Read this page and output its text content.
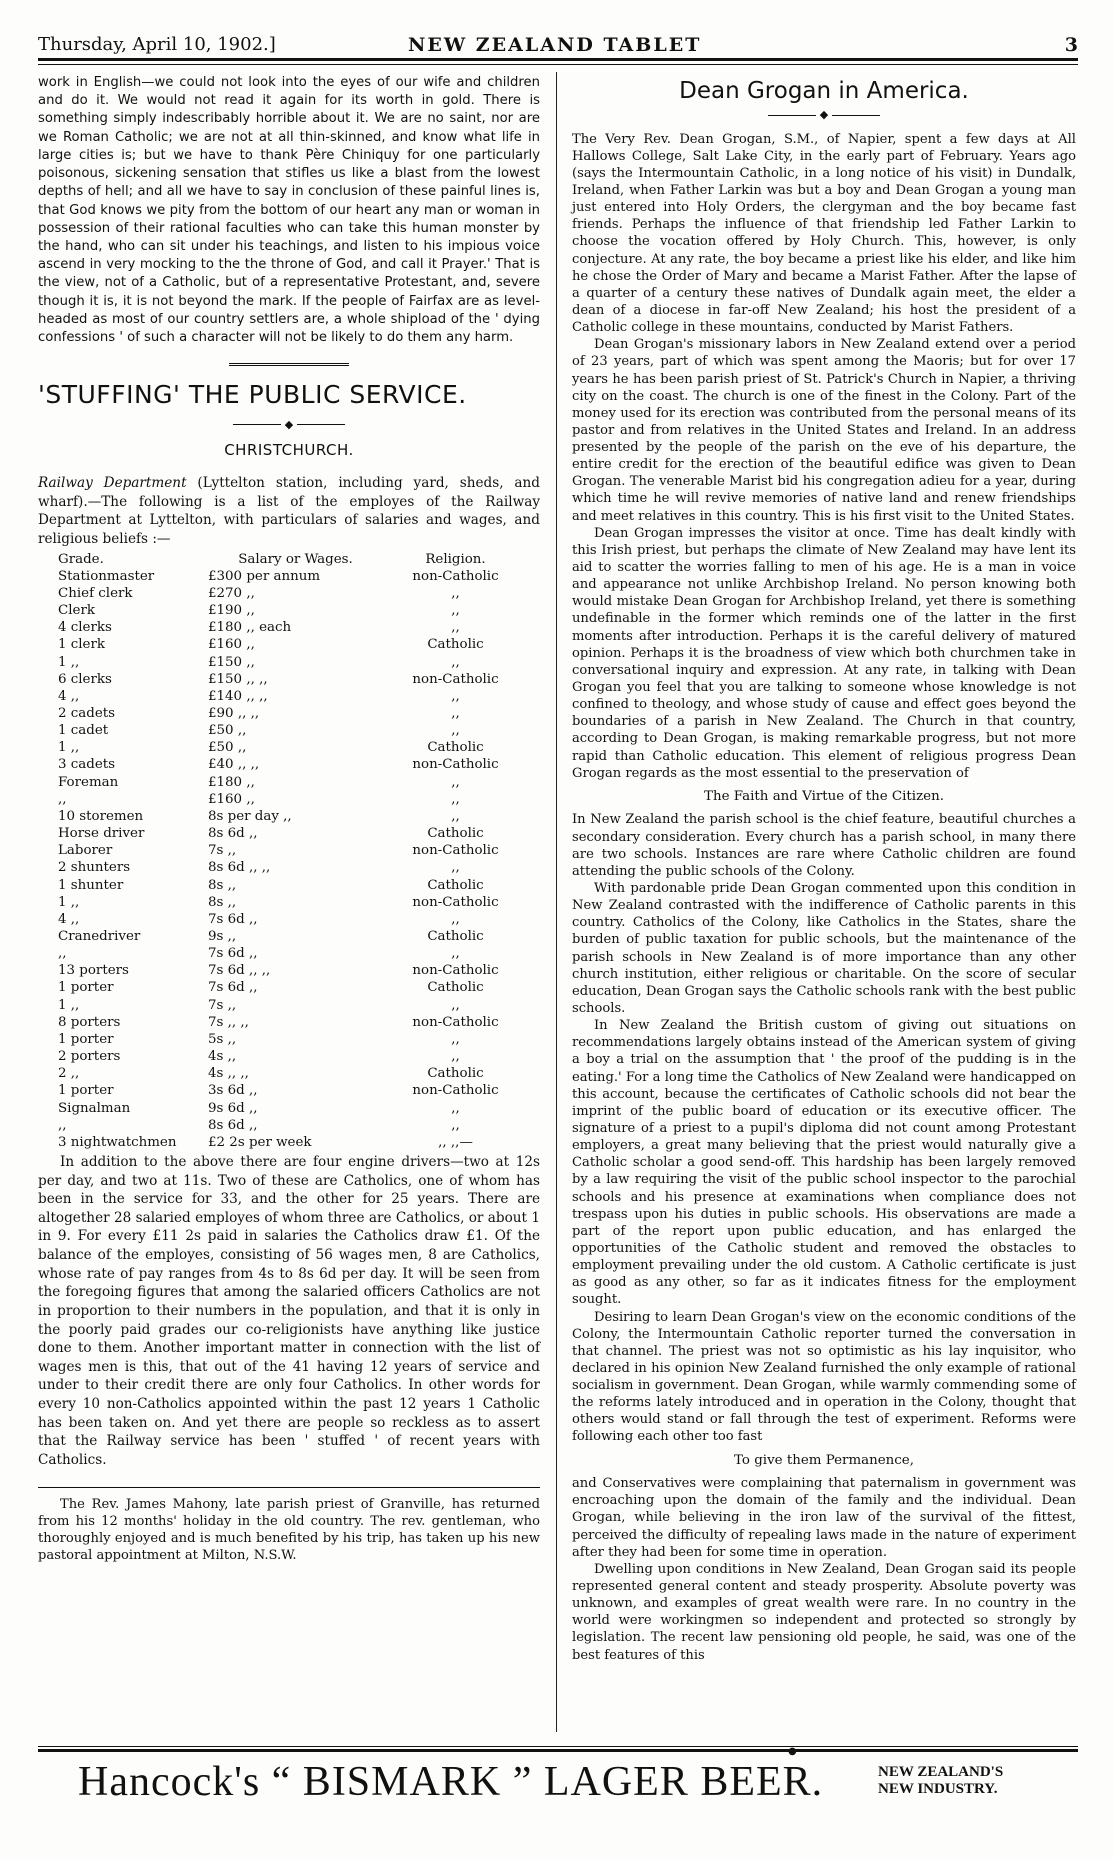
Thursday, April 10, 1902.]	NEW ZEALAND TABLET	3

work in English—we could not look into the eyes of our wife and children and do it. We would not read it again for its worth in gold. There is something simply indescribably horrible about it. We are no saint, nor are we Roman Catholic; we are not at all thin-skinned, and know what life in large cities is; but we have to thank Père Chiniquy for one particularly poisonous, sickening sensation that stifles us like a blast from the lowest depths of hell; and all we have to say in conclusion of these painful lines is, that God knows we pity from the bottom of our heart any man or woman in possession of their rational faculties who can take this human monster by the hand, who can sit under his teachings, and listen to his impious voice ascend in very mocking to the the throne of God, and call it Prayer.' That is the view, not of a Catholic, but of a representative Protestant, and, severe though it is, it is not beyond the mark. If the people of Fairfax are as level-headed as most of our country settlers are, a whole shipload of the ' dying confessions ' of such a character will not be likely to do them any harm.

'STUFFING' THE PUBLIC SERVICE.
◆
CHRISTCHURCH.

Railway Department (Lyttelton station, including yard, sheds, and wharf).—The following is a list of the employes of the Railway Department at Lyttelton, with particulars of salaries and wages, and religious beliefs :—

Grade.	Salary or Wages.	Religion.
Stationmaster	£300 per annum	non-Catholic
Chief clerk	£270 ,,	,,
Clerk	£190 ,,	,,
4 clerks	£180 ,, each	,,
1 clerk	£160 ,,	Catholic
1 ,,	£150 ,,	,,
6 clerks	£150 ,, ,,	non-Catholic
4 ,,	£140 ,, ,,	,,
2 cadets	£90 ,, ,,	,,
1 cadet	£50 ,,	,,
1 ,,	£50 ,,	Catholic
3 cadets	£40 ,, ,,	non-Catholic
Foreman	£180 ,,	,,
,,	£160 ,,	,,
10 storemen	8s per day ,,	,,
Horse driver	8s 6d ,,	Catholic
Laborer	7s ,,	non-Catholic
2 shunters	8s 6d ,, ,,	,,
1 shunter	8s ,,	Catholic
1 ,,	8s ,,	non-Catholic
4 ,,	7s 6d ,,	,,
Cranedriver	9s ,,	Catholic
,,	7s 6d ,,	,,
13 porters	7s 6d ,, ,,	non-Catholic
1 porter	7s 6d ,,	Catholic
1 ,,	7s ,,	,,
8 porters	7s ,, ,,	non-Catholic
1 porter	5s ,,	,,
2 porters	4s ,,	,,
2 ,,	4s ,, ,,	Catholic
1 porter	3s 6d ,,	non-Catholic
Signalman	9s 6d ,,	,,
,,	8s 6d ,,	,,
3 nightwatchmen	£2 2s per week	,, ,,—

In addition to the above there are four engine drivers—two at 12s per day, and two at 11s. Two of these are Catholics, one of whom has been in the service for 33, and the other for 25 years. There are altogether 28 salaried employes of whom three are Catholics, or about 1 in 9. For every £11 2s paid in salaries the Catholics draw £1. Of the balance of the employes, consisting of 56 wages men, 8 are Catholics, whose rate of pay ranges from 4s to 8s 6d per day. It will be seen from the foregoing figures that among the salaried officers Catholics are not in proportion to their numbers in the population, and that it is only in the poorly paid grades our co-religionists have anything like justice done to them. Another important matter in connection with the list of wages men is this, that out of the 41 having 12 years of service and under to their credit there are only four Catholics. In other words for every 10 non-Catholics appointed within the past 12 years 1 Catholic has been taken on. And yet there are people so reckless as to assert that the Railway service has been ' stuffed ' of recent years with Catholics.

The Rev. James Mahony, late parish priest of Granville, has returned from his 12 months' holiday in the old country. The rev. gentleman, who thoroughly enjoyed and is much benefited by his trip, has taken up his new pastoral appointment at Milton, N.S.W.

Dean Grogan in America.
◆

The Very Rev. Dean Grogan, S.M., of Napier, spent a few days at All Hallows College, Salt Lake City, in the early part of February. Years ago (says the Intermountain Catholic, in a long notice of his visit) in Dundalk, Ireland, when Father Larkin was but a boy and Dean Grogan a young man just entered into Holy Orders, the clergyman and the boy became fast friends. Perhaps the influence of that friendship led Father Larkin to choose the vocation offered by Holy Church. This, however, is only conjecture. At any rate, the boy became a priest like his elder, and like him he chose the Order of Mary and became a Marist Father. After the lapse of a quarter of a century these natives of Dundalk again meet, the elder a dean of a diocese in far-off New Zealand; his host the president of a Catholic college in these mountains, conducted by Marist Fathers.

Dean Grogan's missionary labors in New Zealand extend over a period of 23 years, part of which was spent among the Maoris; but for over 17 years he has been parish priest of St. Patrick's Church in Napier, a thriving city on the coast. The church is one of the finest in the Colony. Part of the money used for its erection was contributed from the personal means of its pastor and from relatives in the United States and Ireland. In an address presented by the people of the parish on the eve of his departure, the entire credit for the erection of the beautiful edifice was given to Dean Grogan. The venerable Marist bid his congregation adieu for a year, during which time he will revive memories of native land and renew friendships and meet relatives in this country. This is his first visit to the United States.

Dean Grogan impresses the visitor at once. Time has dealt kindly with this Irish priest, but perhaps the climate of New Zealand may have lent its aid to scatter the worries falling to men of his age. He is a man in voice and appearance not unlike Archbishop Ireland. No person knowing both would mistake Dean Grogan for Archbishop Ireland, yet there is something undefinable in the former which reminds one of the latter in the first moments after introduction. Perhaps it is the careful delivery of matured opinion. Perhaps it is the broadness of view which both churchmen take in conversational inquiry and expression. At any rate, in talking with Dean Grogan you feel that you are talking to someone whose knowledge is not confined to theology, and whose study of cause and effect goes beyond the boundaries of a parish in New Zealand. The Church in that country, according to Dean Grogan, is making remarkable progress, but not more rapid than Catholic education. This element of religious progress Dean Grogan regards as the most essential to the preservation of

The Faith and Virtue of the Citizen.

In New Zealand the parish school is the chief feature, beautiful churches a secondary consideration. Every church has a parish school, in many there are two schools. Instances are rare where Catholic children are found attending the public schools of the Colony.

With pardonable pride Dean Grogan commented upon this condition in New Zealand contrasted with the indifference of Catholic parents in this country. Catholics of the Colony, like Catholics in the States, share the burden of public taxation for public schools, but the maintenance of the parish schools in New Zealand is of more importance than any other church institution, either religious or charitable. On the score of secular education, Dean Grogan says the Catholic schools rank with the best public schools.

In New Zealand the British custom of giving out situations on recommendations largely obtains instead of the American system of giving a boy a trial on the assumption that ' the proof of the pudding is in the eating.' For a long time the Catholics of New Zealand were handicapped on this account, because the certificates of Catholic schools did not bear the imprint of the public board of education or its executive officer. The signature of a priest to a pupil's diploma did not count among Protestant employers, a great many believing that the priest would naturally give a Catholic scholar a good send-off. This hardship has been largely removed by a law requiring the visit of the public school inspector to the parochial schools and his presence at examinations when compliance does not trespass upon his duties in public schools. His observations are made a part of the report upon public education, and has enlarged the opportunities of the Catholic student and removed the obstacles to employment prevailing under the old custom. A Catholic certificate is just as good as any other, so far as it indicates fitness for the employment sought.

Desiring to learn Dean Grogan's view on the economic conditions of the Colony, the Intermountain Catholic reporter turned the conversation in that channel. The priest was not so optimistic as his lay inquisitor, who declared in his opinion New Zealand furnished the only example of rational socialism in government. Dean Grogan, while warmly commending some of the reforms lately introduced and in operation in the Colony, thought that others would stand or fall through the test of experiment. Reforms were following each other too fast

To give them Permanence,

and Conservatives were complaining that paternalism in government was encroaching upon the domain of the family and the individual. Dean Grogan, while believing in the iron law of the survival of the fittest, perceived the difficulty of repealing laws made in the nature of experiment after they had been for some time in operation.

Dwelling upon conditions in New Zealand, Dean Grogan said its people represented general content and steady prosperity. Absolute poverty was unknown, and examples of great wealth were rare. In no country in the world were workingmen so independent and protected so strongly by legislation. The recent law pensioning old people, he said, was one of the best features of this

●
Hancock's “ BISMARK ” LAGER BEER.	NEW ZEALAND'S
NEW INDUSTRY.
